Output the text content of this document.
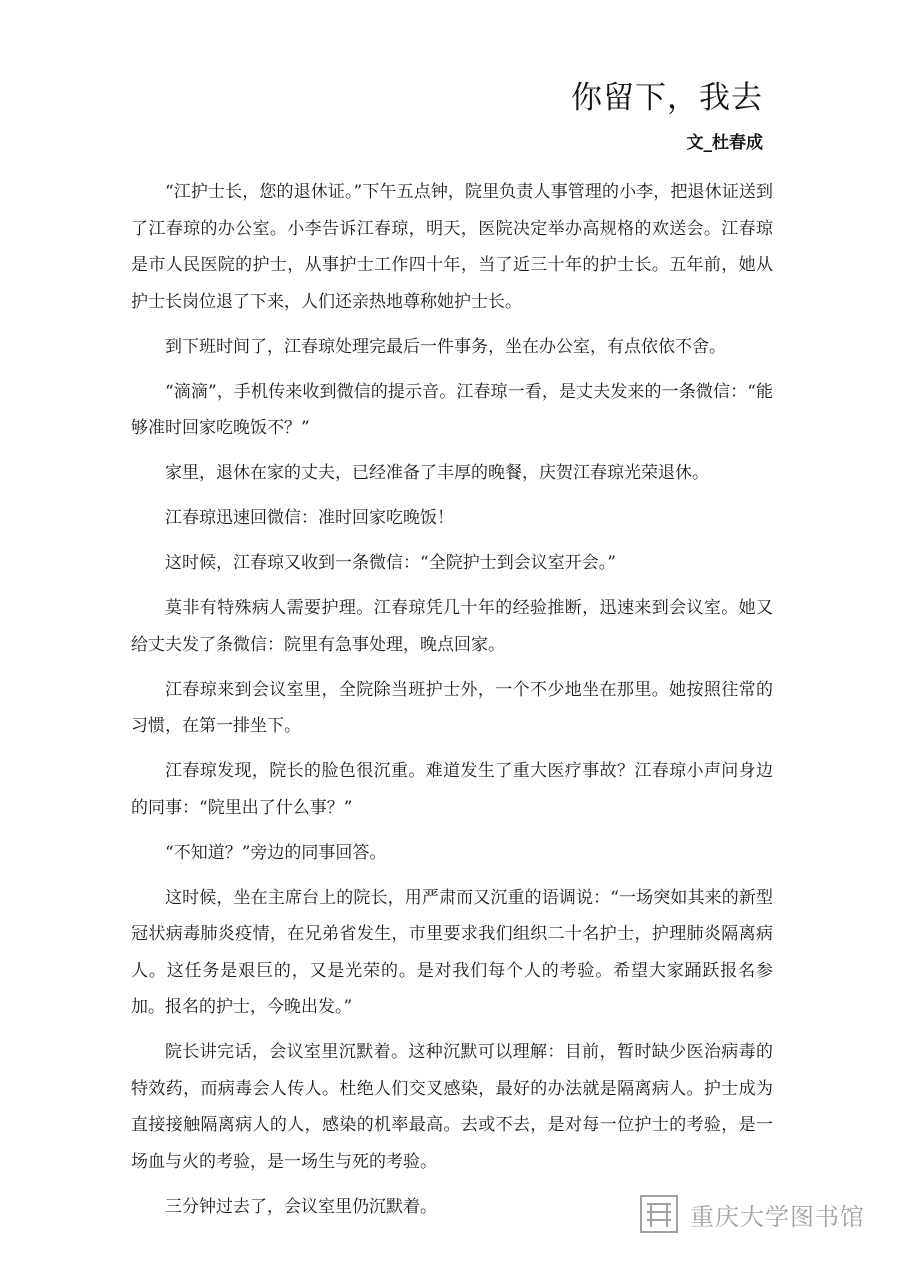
你留下，我去
文_杜春成

“江护士长，您的退休证。”下午五点钟，院里负责人事管理的小李，把退休证送到了江春琼的办公室。小李告诉江春琼，明天，医院决定举办高规格的欢送会。江春琼是市人民医院的护士，从事护士工作四十年，当了近三十年的护士长。五年前，她从护士长岗位退了下来，人们还亲热地尊称她护士长。

到下班时间了，江春琼处理完最后一件事务，坐在办公室，有点依依不舍。

“滴滴”，手机传来收到微信的提示音。江春琼一看，是丈夫发来的一条微信：“能够准时回家吃晚饭不？”

家里，退休在家的丈夫，已经准备了丰厚的晚餐，庆贺江春琼光荣退休。

江春琼迅速回微信：准时回家吃晚饭！

这时候，江春琼又收到一条微信：“全院护士到会议室开会。”

莫非有特殊病人需要护理。江春琼凭几十年的经验推断，迅速来到会议室。她又给丈夫发了条微信：院里有急事处理，晚点回家。

江春琼来到会议室里，全院除当班护士外，一个不少地坐在那里。她按照往常的习惯，在第一排坐下。

江春琼发现，院长的脸色很沉重。难道发生了重大医疗事故？江春琼小声问身边的同事：“院里出了什么事？”

“不知道？”旁边的同事回答。

这时候，坐在主席台上的院长，用严肃而又沉重的语调说：“一场突如其来的新型冠状病毒肺炎疫情，在兄弟省发生，市里要求我们组织二十名护士，护理肺炎隔离病人。这任务是艰巨的，又是光荣的。是对我们每个人的考验。希望大家踊跃报名参加。报名的护士，今晚出发。”

院长讲完话，会议室里沉默着。这种沉默可以理解：目前，暂时缺少医治病毒的特效药，而病毒会人传人。杜绝人们交叉感染，最好的办法就是隔离病人。护士成为直接接触隔离病人的人，感染的机率最高。去或不去，是对每一位护士的考验，是一场血与火的考验，是一场生与死的考验。

三分钟过去了，会议室里仍沉默着。	重庆大学图书馆
